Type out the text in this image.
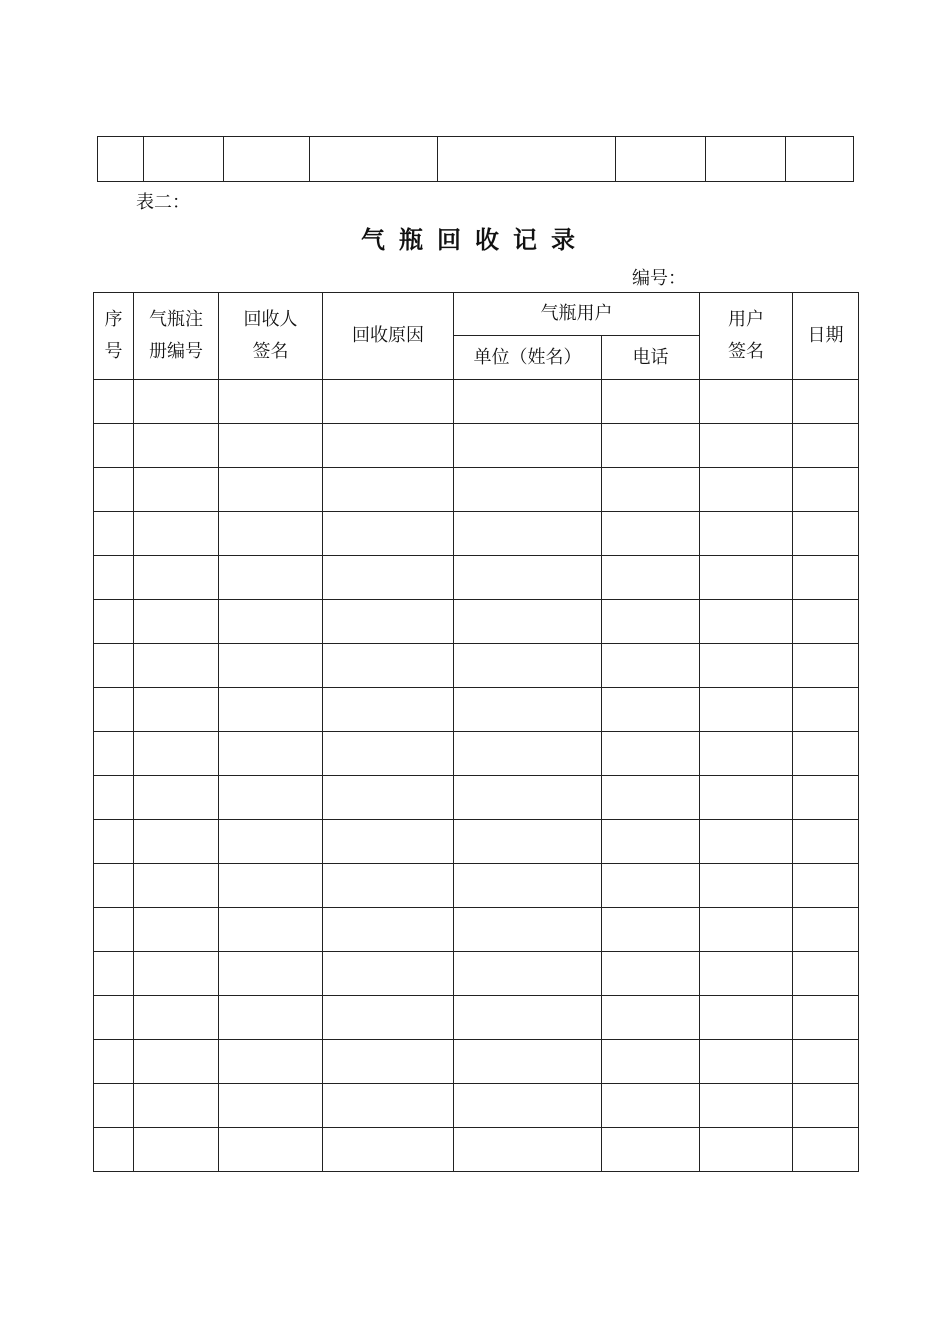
表二：
气瓶回收记录
编号：
序号	气瓶注册编号	回收人签名	回收原因	气瓶用户		用户签名	日期
				单位（姓名）	电话		
